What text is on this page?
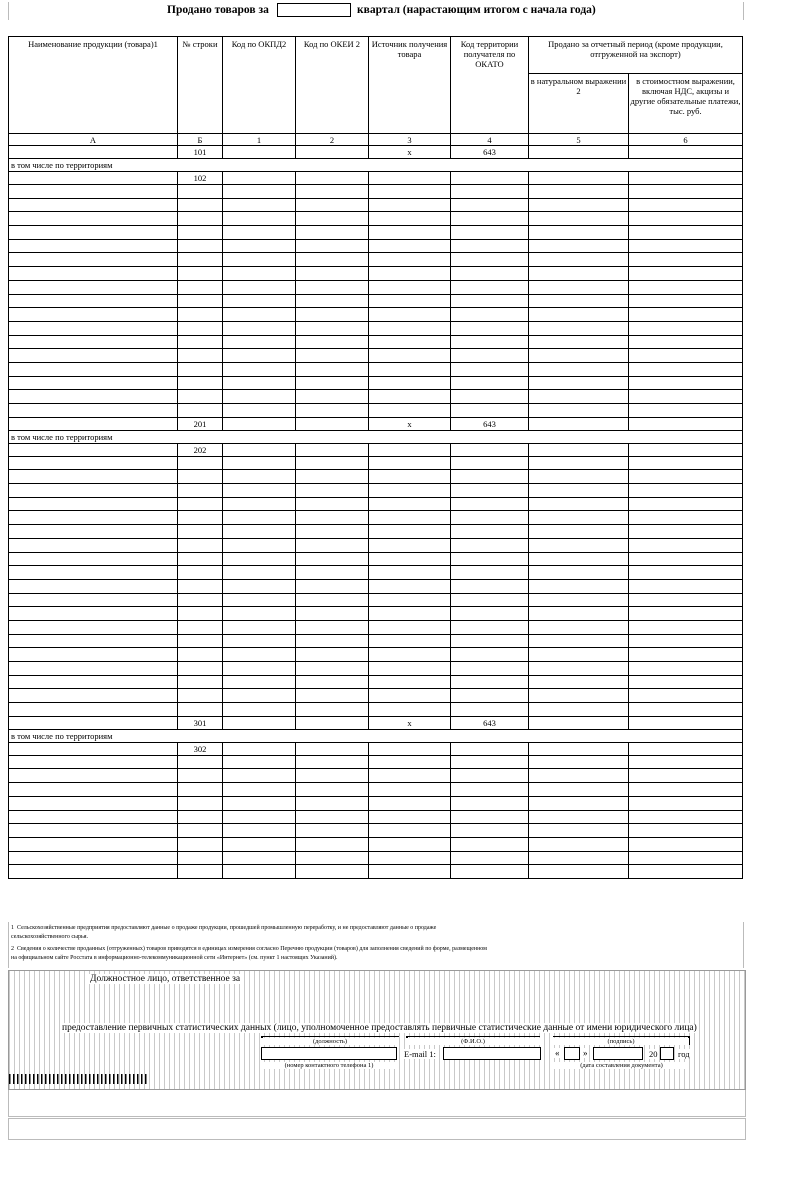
Продано товаров за	квартал (нарастающим итогом с начала года)
Наименование продукции (товара)1	№ строки	Код по ОКПД2	Код по ОКЕИ 2	Источник получения товара	Код территории получателя по ОКАТО	Продано за отчетный период (кроме продукции, отгруженной на экспорт)	
						в натуральном выражении 2	в стоимостном выражении, включая НДС, акцизы и другие обязательные платежи, тыс. руб.
А	Б	1	2	3	4	5	6
	101			х	643		
в том числе по территориям							
	102						

	201			х	643		
в том числе по территориям							
	202						

	301			х	643		
в том числе по территориям							
	302						

1  Сельскохозяйственные предприятия предоставляют данные о продаже продукции, прошедшей промышленную переработку, и не предоставляют данные о продаже

сельскохозяйственного сырья.

2  Сведения о количестве проданных (отгруженных) товаров приводятся в единицах измерения согласно Перечню продукции (товаров) для заполнения сведений по форме, размещенном

на официальном сайте Росстата в информационно-телекоммуникационной сети «Интернет» (см. пункт 1 настоящих Указаний).

Должностное лицо, ответственное за
предоставление первичных статистических данных (лицо, уполномоченное предоставлять первичные статистические данные от имени юридического лица)
(должность)	(Ф.И.О.)	(подпись)
E-mail 1:	«	»	20 год
(номер контактного телефона 1)	(дата составления документа)
